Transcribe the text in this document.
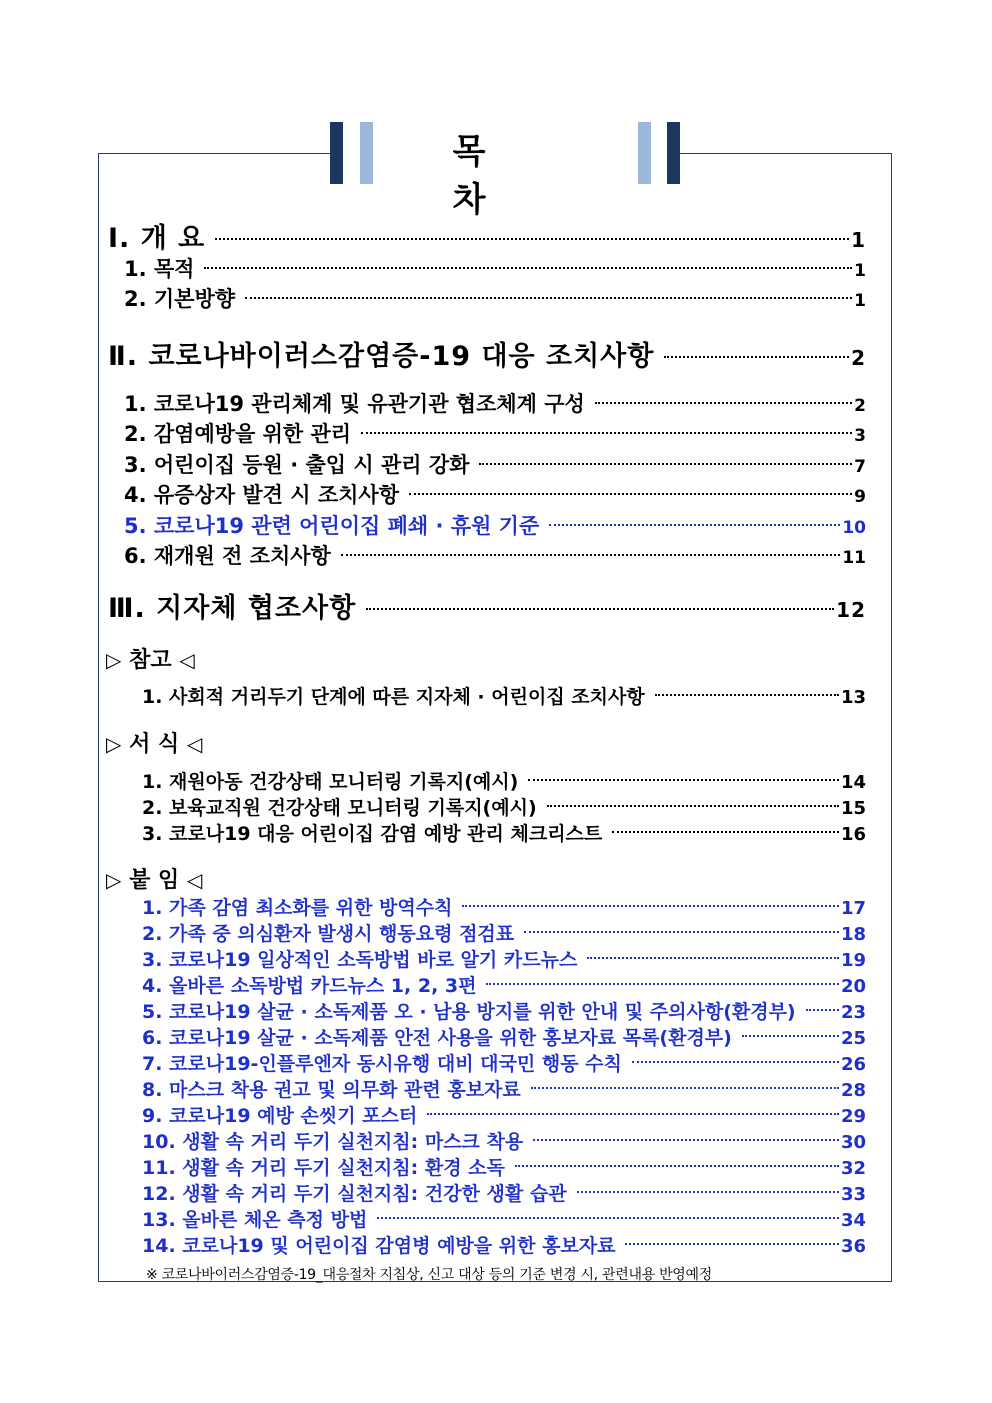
목 차
Ⅰ. 개 요	1
1. 목적	1
2. 기본방향	1
Ⅱ. 코로나바이러스감염증-19 대응 조치사항	2
1. 코로나19 관리체계 및 유관기관 협조체계 구성	2
2. 감염예방을 위한 관리	3
3. 어린이집 등원 · 출입 시 관리 강화	7
4. 유증상자 발견 시 조치사항	9
5. 코로나19 관련 어린이집 폐쇄 · 휴원 기준	10
6. 재개원 전 조치사항	11
Ⅲ. 지자체 협조사항	12
▷ 참고 ◁
1. 사회적 거리두기 단계에 따른 지자체 · 어린이집 조치사항	13
▷ 서 식 ◁
1. 재원아동 건강상태 모니터링 기록지(예시)	14
2. 보육교직원 건강상태 모니터링 기록지(예시)	15
3. 코로나19 대응 어린이집 감염 예방 관리 체크리스트	16
▷ 붙 임 ◁
1. 가족 감염 최소화를 위한 방역수칙	17
2. 가족 중 의심환자 발생시 행동요령 점검표	18
3. 코로나19 일상적인 소독방법 바로 알기 카드뉴스	19
4. 올바른 소독방법 카드뉴스 1, 2, 3편	20
5. 코로나19 살균 · 소독제품 오 · 남용 방지를 위한 안내 및 주의사항(환경부)	23
6. 코로나19 살균 · 소독제품 안전 사용을 위한 홍보자료 목록(환경부)	25
7. 코로나19-인플루엔자 동시유행 대비 대국민 행동 수칙	26
8. 마스크 착용 권고 및 의무화 관련 홍보자료	28
9. 코로나19 예방 손씻기 포스터	29
10. 생활 속 거리 두기 실천지침: 마스크 착용	30
11. 생활 속 거리 두기 실천지침: 환경 소독	32
12. 생활 속 거리 두기 실천지침: 건강한 생활 습관	33
13. 올바른 체온 측정 방법	34
14. 코로나19 및 어린이집 감염병 예방을 위한 홍보자료	36
※ 코로나바이러스감염증-19_대응절차 지침상, 신고 대상 등의 기준 변경 시, 관련내용 반영예정
